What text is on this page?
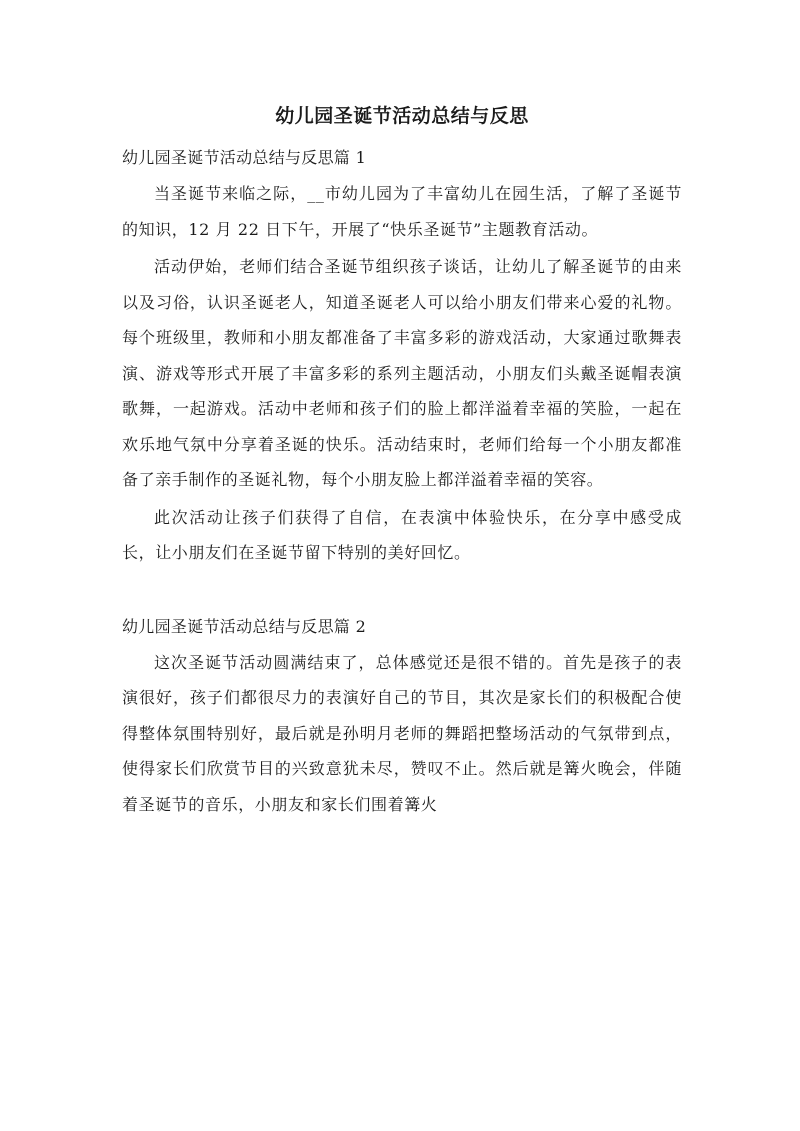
幼儿园圣诞节活动总结与反思

幼儿园圣诞节活动总结与反思篇 1

当圣诞节来临之际，__市幼儿园为了丰富幼儿在园生活，了解了圣诞节的知识，12 月 22 日下午，开展了“快乐圣诞节”主题教育活动。

活动伊始，老师们结合圣诞节组织孩子谈话，让幼儿了解圣诞节的由来以及习俗，认识圣诞老人，知道圣诞老人可以给小朋友们带来心爱的礼物。每个班级里，教师和小朋友都准备了丰富多彩的游戏活动，大家通过歌舞表演、游戏等形式开展了丰富多彩的系列主题活动，小朋友们头戴圣诞帽表演歌舞，一起游戏。活动中老师和孩子们的脸上都洋溢着幸福的笑脸，一起在欢乐地气氛中分享着圣诞的快乐。活动结束时，老师们给每一个小朋友都准备了亲手制作的圣诞礼物，每个小朋友脸上都洋溢着幸福的笑容。

此次活动让孩子们获得了自信，在表演中体验快乐，在分享中感受成长，让小朋友们在圣诞节留下特别的美好回忆。

幼儿园圣诞节活动总结与反思篇 2

这次圣诞节活动圆满结束了，总体感觉还是很不错的。首先是孩子的表演很好，孩子们都很尽力的表演好自己的节目，其次是家长们的积极配合使得整体氛围特别好，最后就是孙明月老师的舞蹈把整场活动的气氛带到点，使得家长们欣赏节目的兴致意犹未尽，赞叹不止。然后就是篝火晚会，伴随着圣诞节的音乐，小朋友和家长们围着篝火
